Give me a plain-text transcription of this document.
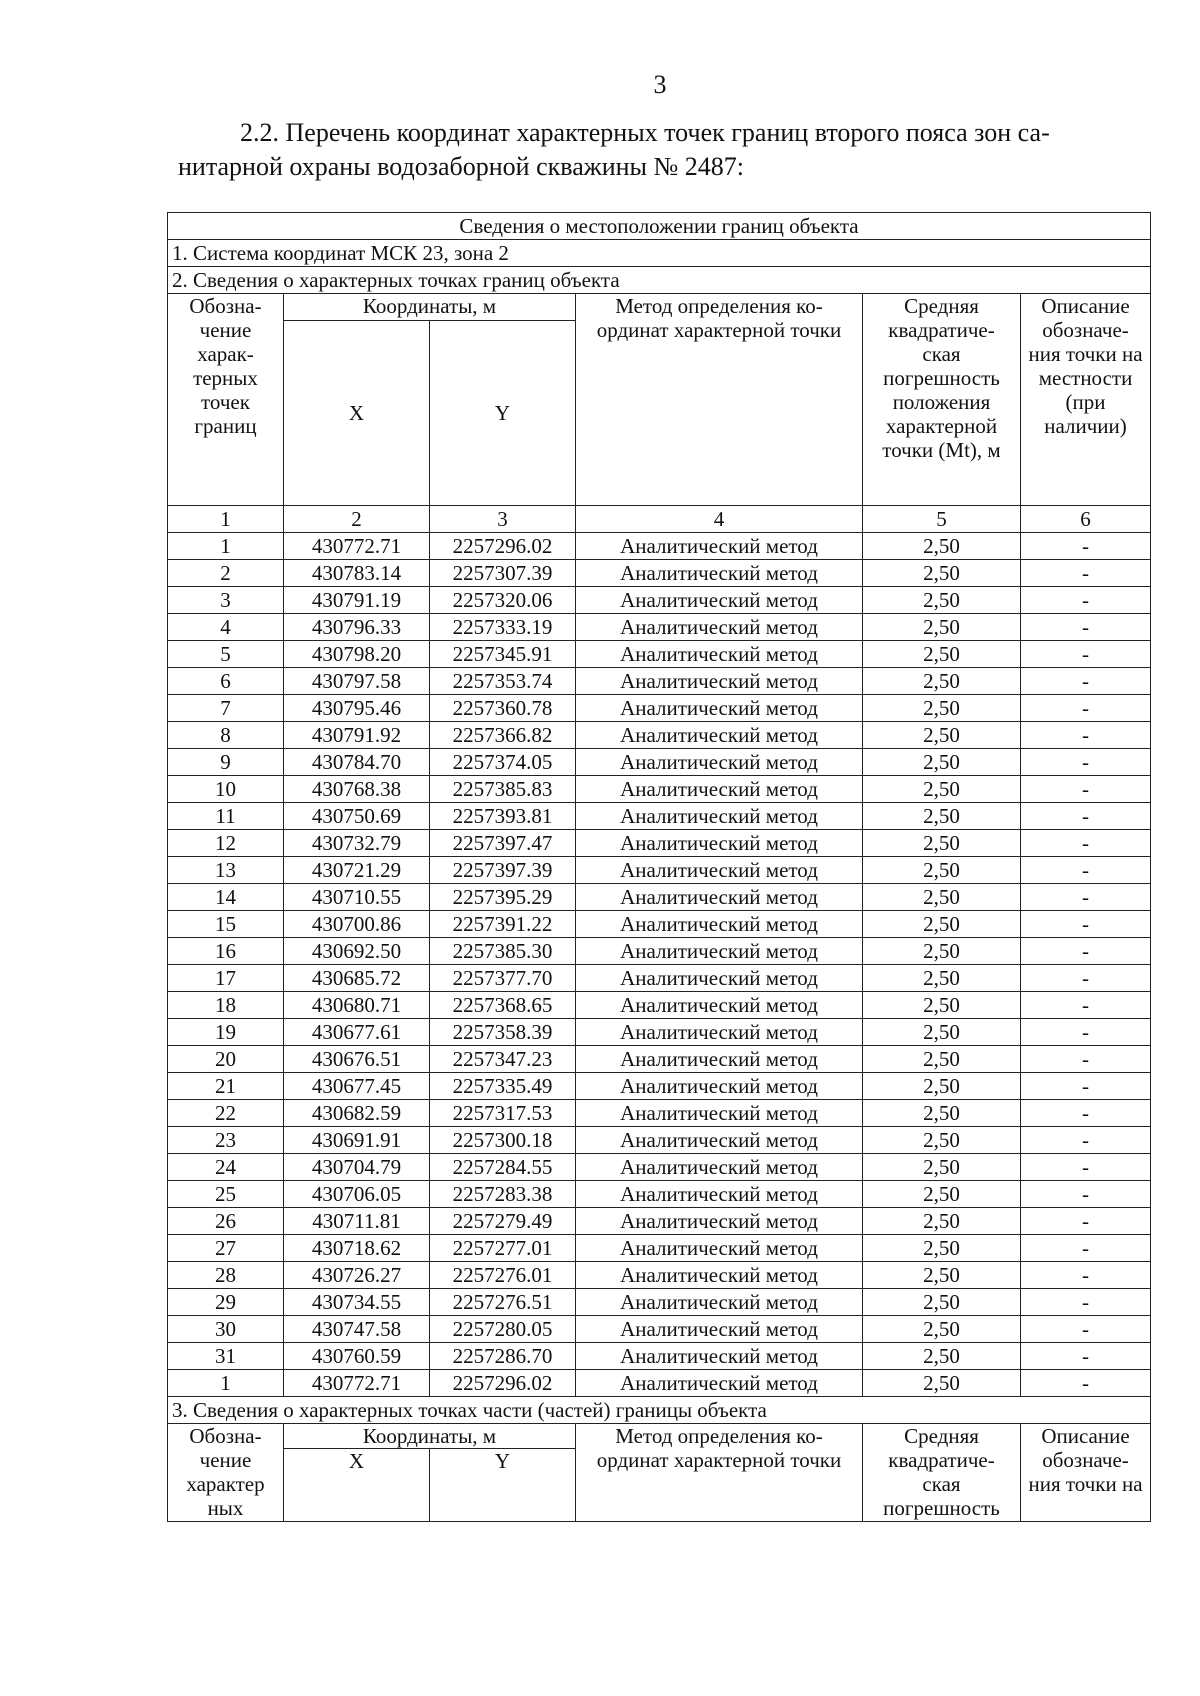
3
2.2. Перечень координат характерных точек границ второго пояса зон са-
нитарной охраны водозаборной скважины № 2487:
Сведения о местоположении границ объекта					
1. Система координат МСК 23, зона 2					
2. Сведения о характерных точках границ объекта					
Обозна- чение харак- терных точек границ	Координаты, м		Метод определения ко- ординат характерной точки	Средняя квадратиче- ская погрешность положения характерной точки (Mt), м	Описание обозначе- ния точки на местности (при наличии)
	X	Y			
1	2	3	4	5	6
1	430772.71	2257296.02	Аналитический метод	2,50	-
2	430783.14	2257307.39	Аналитический метод	2,50	-
3	430791.19	2257320.06	Аналитический метод	2,50	-
4	430796.33	2257333.19	Аналитический метод	2,50	-
5	430798.20	2257345.91	Аналитический метод	2,50	-
6	430797.58	2257353.74	Аналитический метод	2,50	-
7	430795.46	2257360.78	Аналитический метод	2,50	-
8	430791.92	2257366.82	Аналитический метод	2,50	-
9	430784.70	2257374.05	Аналитический метод	2,50	-
10	430768.38	2257385.83	Аналитический метод	2,50	-
11	430750.69	2257393.81	Аналитический метод	2,50	-
12	430732.79	2257397.47	Аналитический метод	2,50	-
13	430721.29	2257397.39	Аналитический метод	2,50	-
14	430710.55	2257395.29	Аналитический метод	2,50	-
15	430700.86	2257391.22	Аналитический метод	2,50	-
16	430692.50	2257385.30	Аналитический метод	2,50	-
17	430685.72	2257377.70	Аналитический метод	2,50	-
18	430680.71	2257368.65	Аналитический метод	2,50	-
19	430677.61	2257358.39	Аналитический метод	2,50	-
20	430676.51	2257347.23	Аналитический метод	2,50	-
21	430677.45	2257335.49	Аналитический метод	2,50	-
22	430682.59	2257317.53	Аналитический метод	2,50	-
23	430691.91	2257300.18	Аналитический метод	2,50	-
24	430704.79	2257284.55	Аналитический метод	2,50	-
25	430706.05	2257283.38	Аналитический метод	2,50	-
26	430711.81	2257279.49	Аналитический метод	2,50	-
27	430718.62	2257277.01	Аналитический метод	2,50	-
28	430726.27	2257276.01	Аналитический метод	2,50	-
29	430734.55	2257276.51	Аналитический метод	2,50	-
30	430747.58	2257280.05	Аналитический метод	2,50	-
31	430760.59	2257286.70	Аналитический метод	2,50	-
1	430772.71	2257296.02	Аналитический метод	2,50	-
3. Сведения о характерных точках части (частей) границы объекта					
Обозна- чение характер ных	Координаты, м		Метод определения ко- ординат характерной точки	Средняя квадратиче- ская погрешность	Описание обозначе- ния точки на
	X	Y			
